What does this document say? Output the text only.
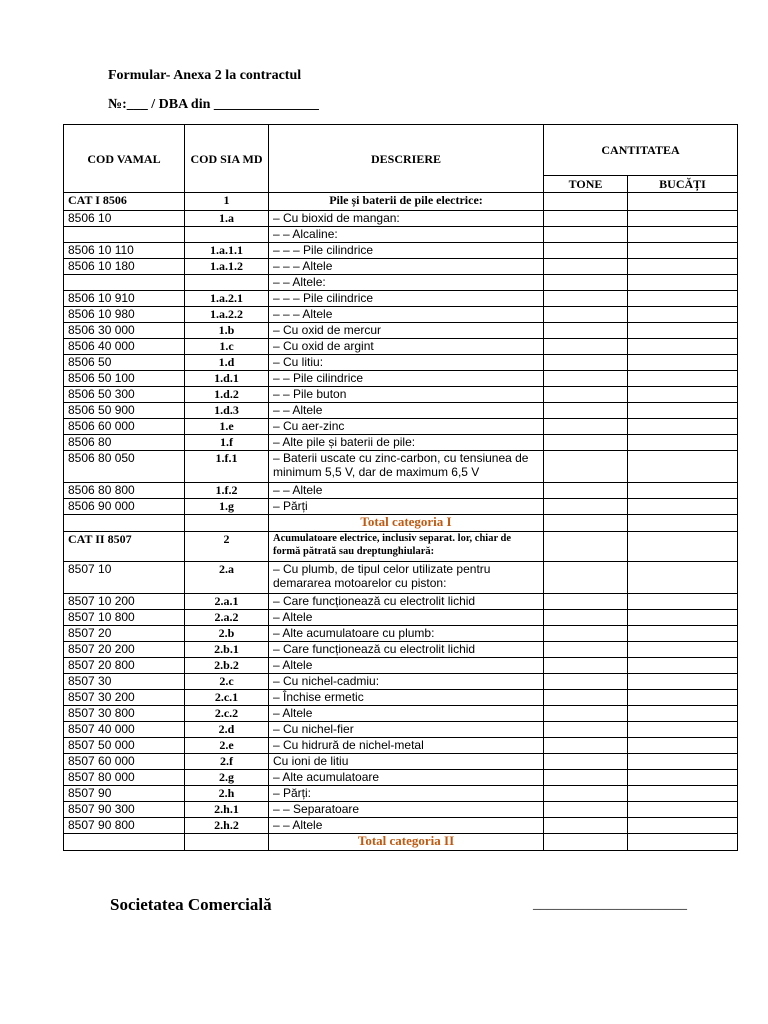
Formular- Anexa 2 la contractul
№:___ / DBA din _______________
COD VAMAL	COD SIA MD	DESCRIERE	CANTITATEA	
			TONE	BUCĂȚI
CAT I 8506	1	Pile și baterii de pile electrice:		
8506 10	1.a	– Cu bioxid de mangan:		
		– – Alcaline:		
8506 10 110	1.a.1.1	– – – Pile cilindrice		
8506 10 180	1.a.1.2	– – – Altele		
		– – Altele:		
8506 10 910	1.a.2.1	– – – Pile cilindrice		
8506 10 980	1.a.2.2	– – – Altele		
8506 30 000	1.b	– Cu oxid de mercur		
8506 40 000	1.c	– Cu oxid de argint		
8506 50	1.d	– Cu litiu:		
8506 50 100	1.d.1	– – Pile cilindrice		
8506 50 300	1.d.2	– – Pile buton		
8506 50 900	1.d.3	– – Altele		
8506 60 000	1.e	– Cu aer-zinc		
8506 80	1.f	– Alte pile și baterii de pile:		
8506 80 050	1.f.1	– Baterii uscate cu zinc-carbon, cu tensiunea de minimum 5,5 V, dar de maximum 6,5 V		
8506 80 800	1.f.2	– – Altele		
8506 90 000	1.g	– Părți		
		Total categoria I		
CAT II 8507	2	Acumulatoare electrice, inclusiv separat. lor, chiar de formă pătrată sau dreptunghiulară:		
8507 10	2.a	– Cu plumb, de tipul celor utilizate pentru demararea motoarelor cu piston:		
8507 10 200	2.a.1	– Care funcționează cu electrolit lichid		
8507 10 800	2.a.2	– Altele		
8507 20	2.b	– Alte acumulatoare cu plumb:		
8507 20 200	2.b.1	– Care funcționează cu electrolit lichid		
8507 20 800	2.b.2	– Altele		
8507 30	2.c	– Cu nichel-cadmiu:		
8507 30 200	2.c.1	– Închise ermetic		
8507 30 800	2.c.2	– Altele		
8507 40 000	2.d	– Cu nichel-fier		
8507 50 000	2.e	– Cu hidrură de nichel-metal		
8507 60 000	2.f	Cu ioni de litiu		
8507 80 000	2.g	– Alte acumulatoare		
8507 90	2.h	– Părți:		
8507 90 300	2.h.1	– – Separatoare		
8507 90 800	2.h.2	– – Altele		
		Total categoria II		
Societatea Comercială	______________________
